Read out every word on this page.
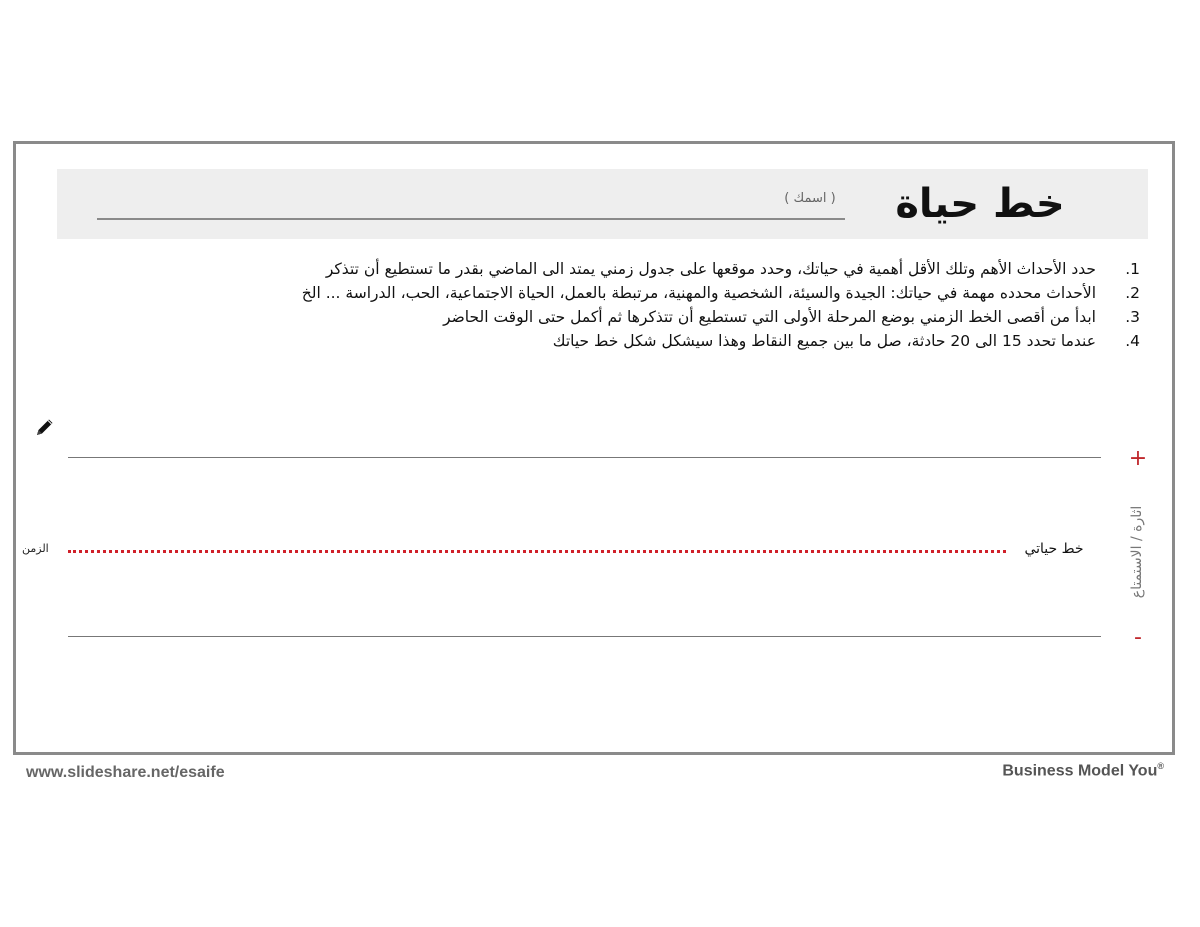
خط حياة
( اسمك )
1.
حدد الأحداث الأهم وتلك الأقل أهمية في حياتك، وحدد موقعها على جدول زمني يمتد الى الماضي بقدر ما تستطيع أن تتذكر
2.
الأحداث محدده مهمة في حياتك: الجيدة والسيئة، الشخصية والمهنية، مرتبطة بالعمل، الحياة الاجتماعية، الحب، الدراسة ... الخ
3.
ابدأ من أقصى الخط الزمني بوضع المرحلة الأولى التي تستطيع أن تتذكرها ثم أكمل حتى الوقت الحاضر
4.
عندما تحدد 15 الى 20 حادثة، صل ما بين جميع النقاط وهذا سيشكل شكل خط حياتك
الزمن	خط حياتي
+
-
اثارة / الاستمتاع
www.slideshare.net/esaife	Business Model You®
